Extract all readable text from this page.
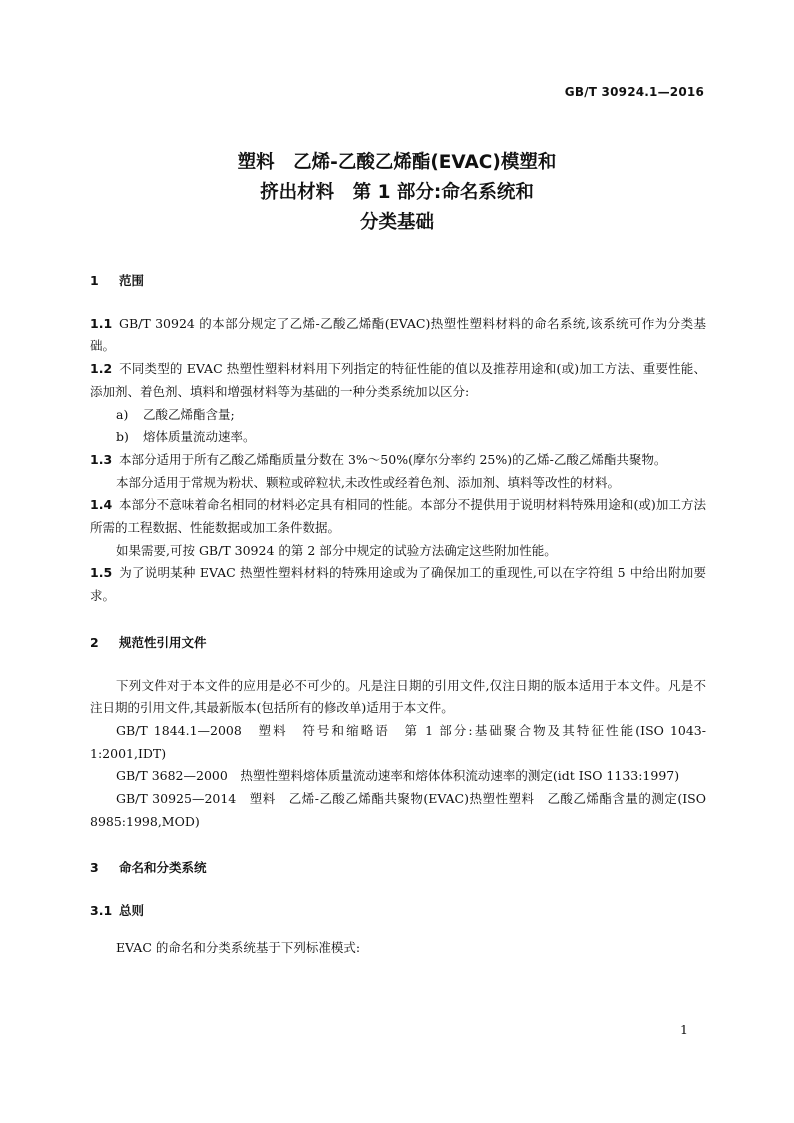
GB/T 30924.1—2016
塑料　乙烯-乙酸乙烯酯(EVAC)模塑和
挤出材料　第 1 部分:命名系统和
分类基础
1 范围

1.1 GB/T 30924 的本部分规定了乙烯-乙酸乙烯酯(EVAC)热塑性塑料材料的命名系统,该系统可作为分类基础。

1.2 不同类型的 EVAC 热塑性塑料材料用下列指定的特征性能的值以及推荐用途和(或)加工方法、重要性能、添加剂、着色剂、填料和增强材料等为基础的一种分类系统加以区分:

a) 乙酸乙烯酯含量;

b) 熔体质量流动速率。

1.3 本部分适用于所有乙酸乙烯酯质量分数在 3%～50%(摩尔分率约 25%)的乙烯-乙酸乙烯酯共聚物。

本部分适用于常规为粉状、颗粒或碎粒状,未改性或经着色剂、添加剂、填料等改性的材料。

1.4 本部分不意味着命名相同的材料必定具有相同的性能。本部分不提供用于说明材料特殊用途和(或)加工方法所需的工程数据、性能数据或加工条件数据。

如果需要,可按 GB/T 30924 的第 2 部分中规定的试验方法确定这些附加性能。

1.5 为了说明某种 EVAC 热塑性塑料材料的特殊用途或为了确保加工的重现性,可以在字符组 5 中给出附加要求。

2 规范性引用文件

下列文件对于本文件的应用是必不可少的。凡是注日期的引用文件,仅注日期的版本适用于本文件。凡是不注日期的引用文件,其最新版本(包括所有的修改单)适用于本文件。

GB/T 1844.1—2008　塑料　符号和缩略语　第 1 部分:基础聚合物及其特征性能(ISO 1043-1:2001,IDT)

GB/T 3682—2000　热塑性塑料熔体质量流动速率和熔体体积流动速率的测定(idt ISO 1133:1997)

GB/T 30925—2014　塑料　乙烯-乙酸乙烯酯共聚物(EVAC)热塑性塑料　乙酸乙烯酯含量的测定(ISO 8985:1998,MOD)

3 命名和分类系统
3.1 总则

EVAC 的命名和分类系统基于下列标准模式:

1
